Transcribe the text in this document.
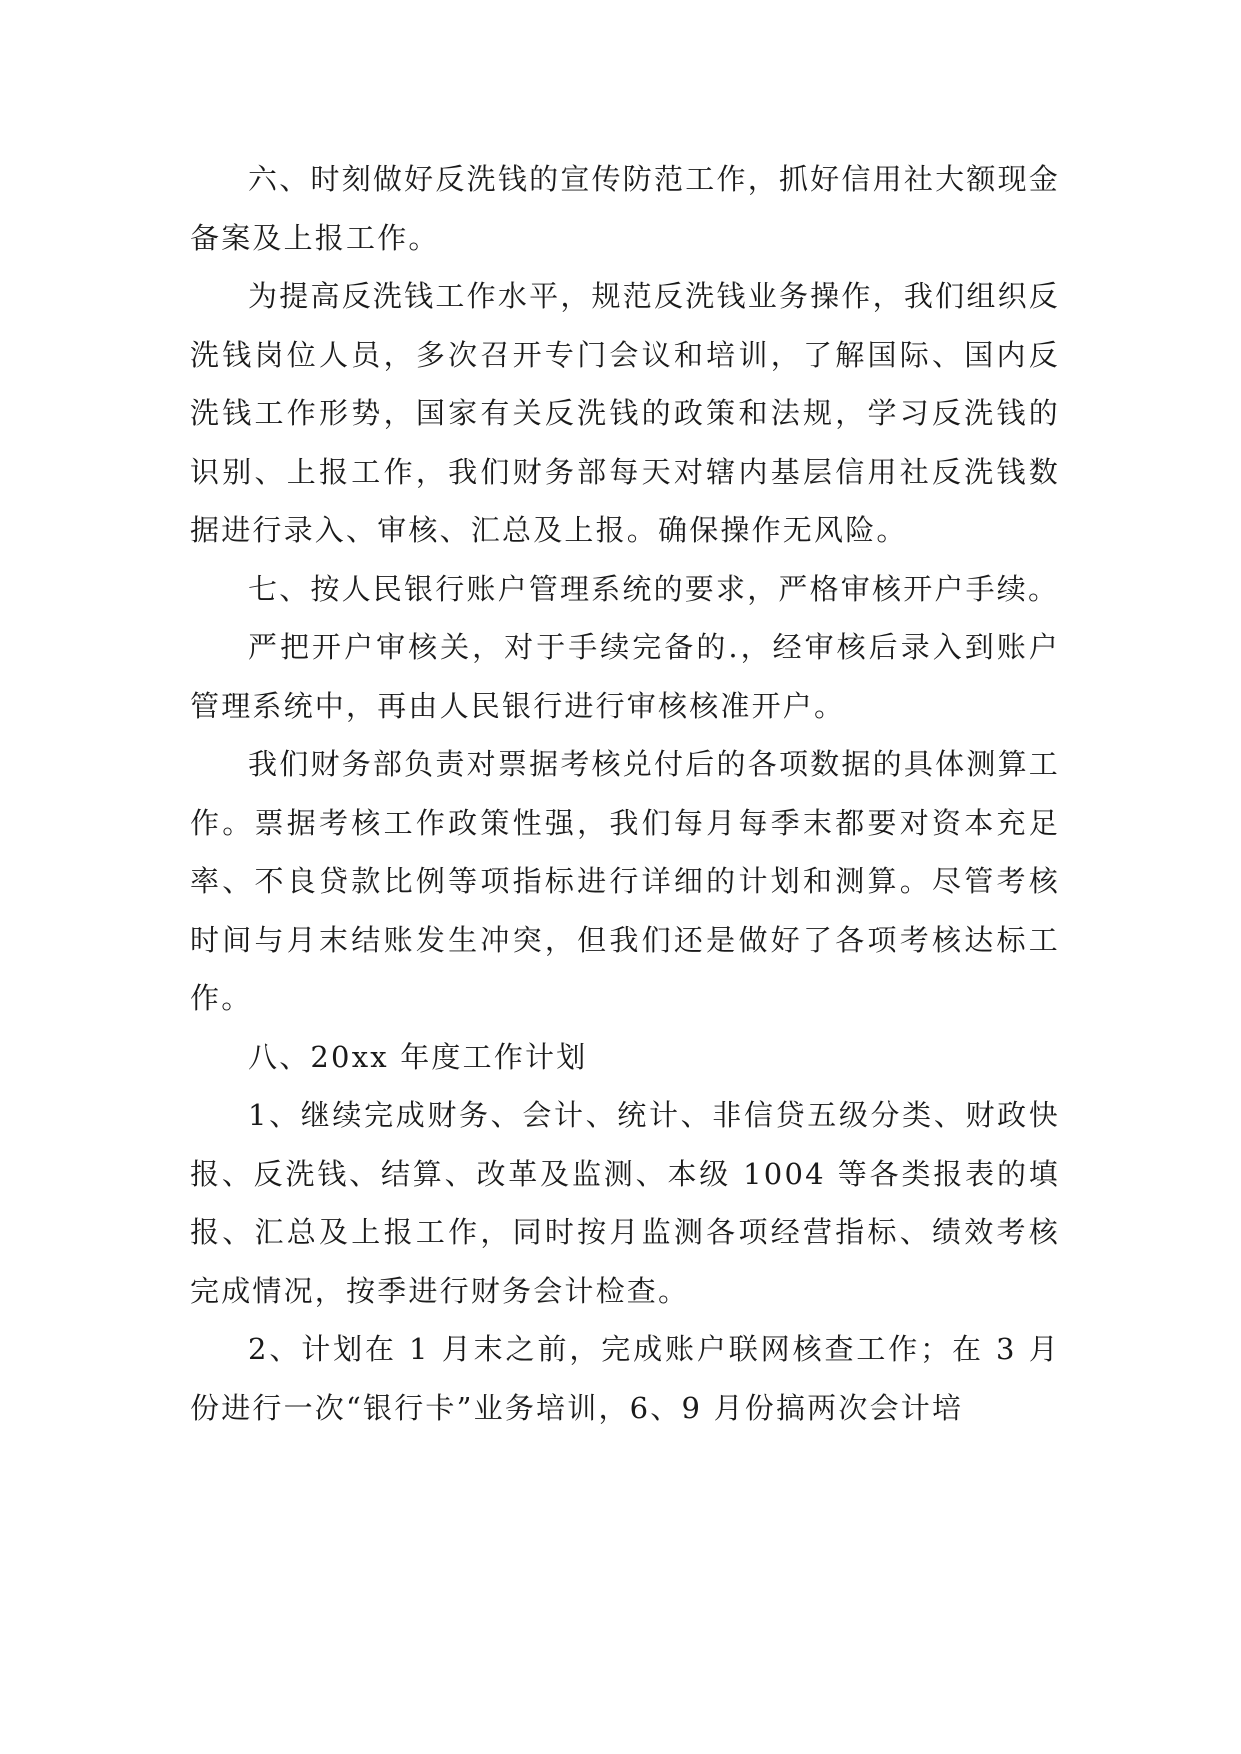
六、时刻做好反洗钱的宣传防范工作，抓好信用社大额现金备案及上报工作。

为提高反洗钱工作水平，规范反洗钱业务操作，我们组织反洗钱岗位人员，多次召开专门会议和培训，了解国际、国内反洗钱工作形势，国家有关反洗钱的政策和法规，学习反洗钱的识别、上报工作，我们财务部每天对辖内基层信用社反洗钱数据进行录入、审核、汇总及上报。确保操作无风险。

七、按人民银行账户管理系统的要求，严格审核开户手续。

严把开户审核关，对于手续完备的.，经审核后录入到账户管理系统中，再由人民银行进行审核核准开户。

我们财务部负责对票据考核兑付后的各项数据的具体测算工作。票据考核工作政策性强，我们每月每季末都要对资本充足率、不良贷款比例等项指标进行详细的计划和测算。尽管考核时间与月末结账发生冲突，但我们还是做好了各项考核达标工作。

八、20xx 年度工作计划

1、继续完成财务、会计、统计、非信贷五级分类、财政快报、反洗钱、结算、改革及监测、本级 1004 等各类报表的填报、汇总及上报工作，同时按月监测各项经营指标、绩效考核完成情况，按季进行财务会计检查。

2、计划在 1 月末之前，完成账户联网核查工作；在 3 月份进行一次“银行卡”业务培训，6、9 月份搞两次会计培
